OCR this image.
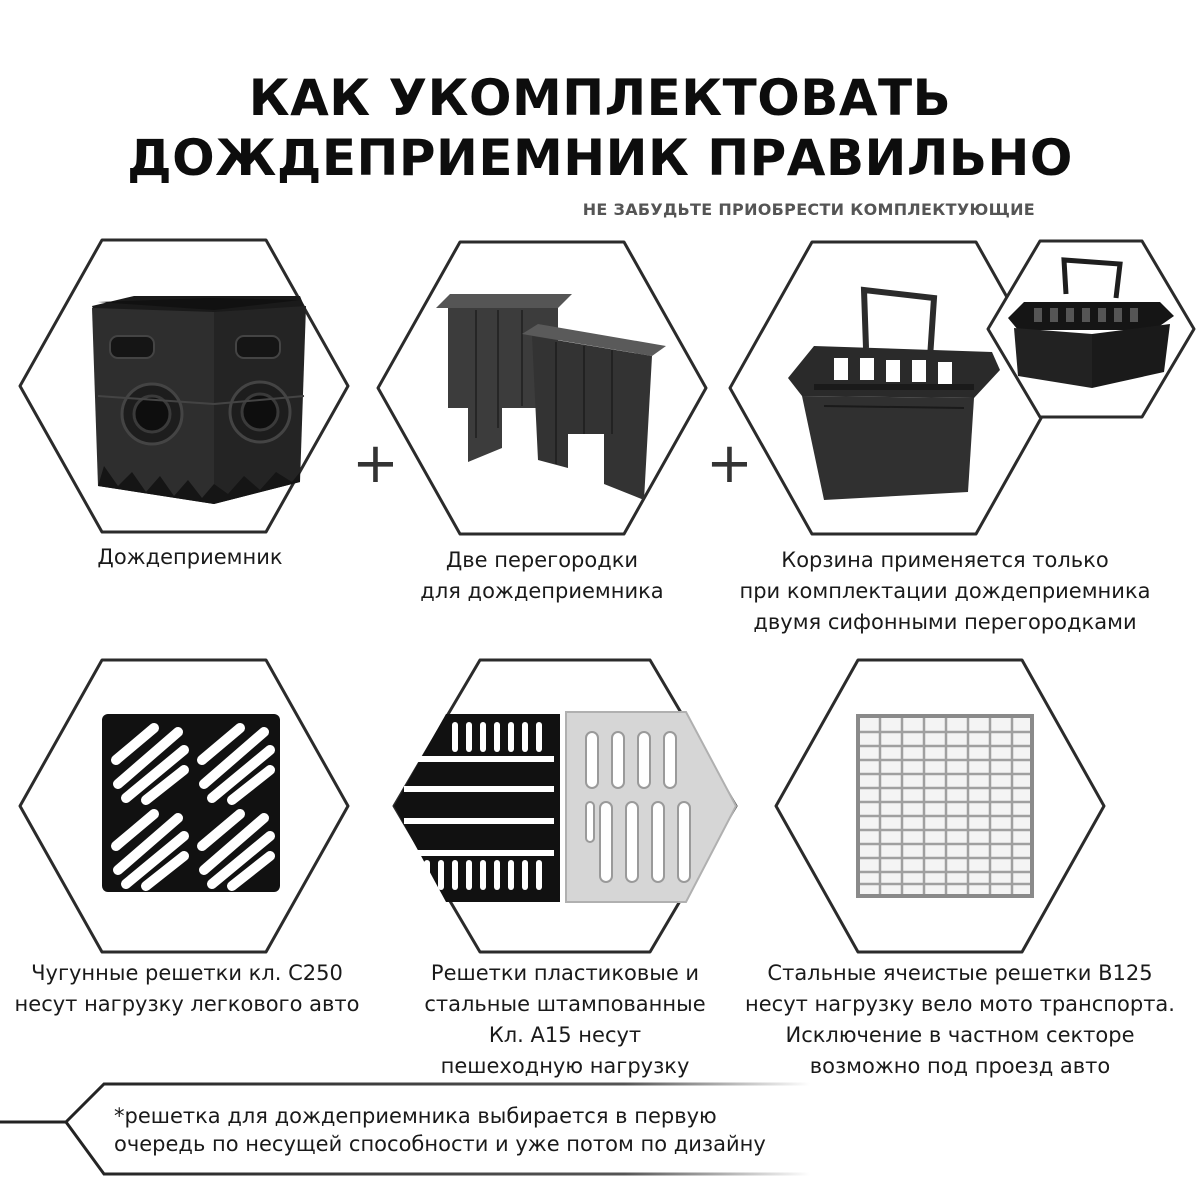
КАК УКОМПЛЕКТОВАТЬ
ДОЖДЕПРИЕМНИК ПРАВИЛЬНО
НЕ ЗАБУДЬТЕ ПРИОБРЕСТИ КОМПЛЕКТУЮЩИЕ
+	+
Дождеприемник	Две перегородки
для дождеприемника
Корзина применяется только
при комплектации дождеприемника
двумя сифонными перегородками
Чугунные решетки кл. С250
несут нагрузку легкового авто
Решетки пластиковые и
стальные штампованные
Кл. А15 несут
пешеходную нагрузку
Стальные ячеистые решетки В125
несут нагрузку вело мото транспорта.
Исключение в частном секторе
возможно под проезд авто
*решетка для дождеприемника выбирается в первую
очередь по несущей способности и уже потом по дизайну
